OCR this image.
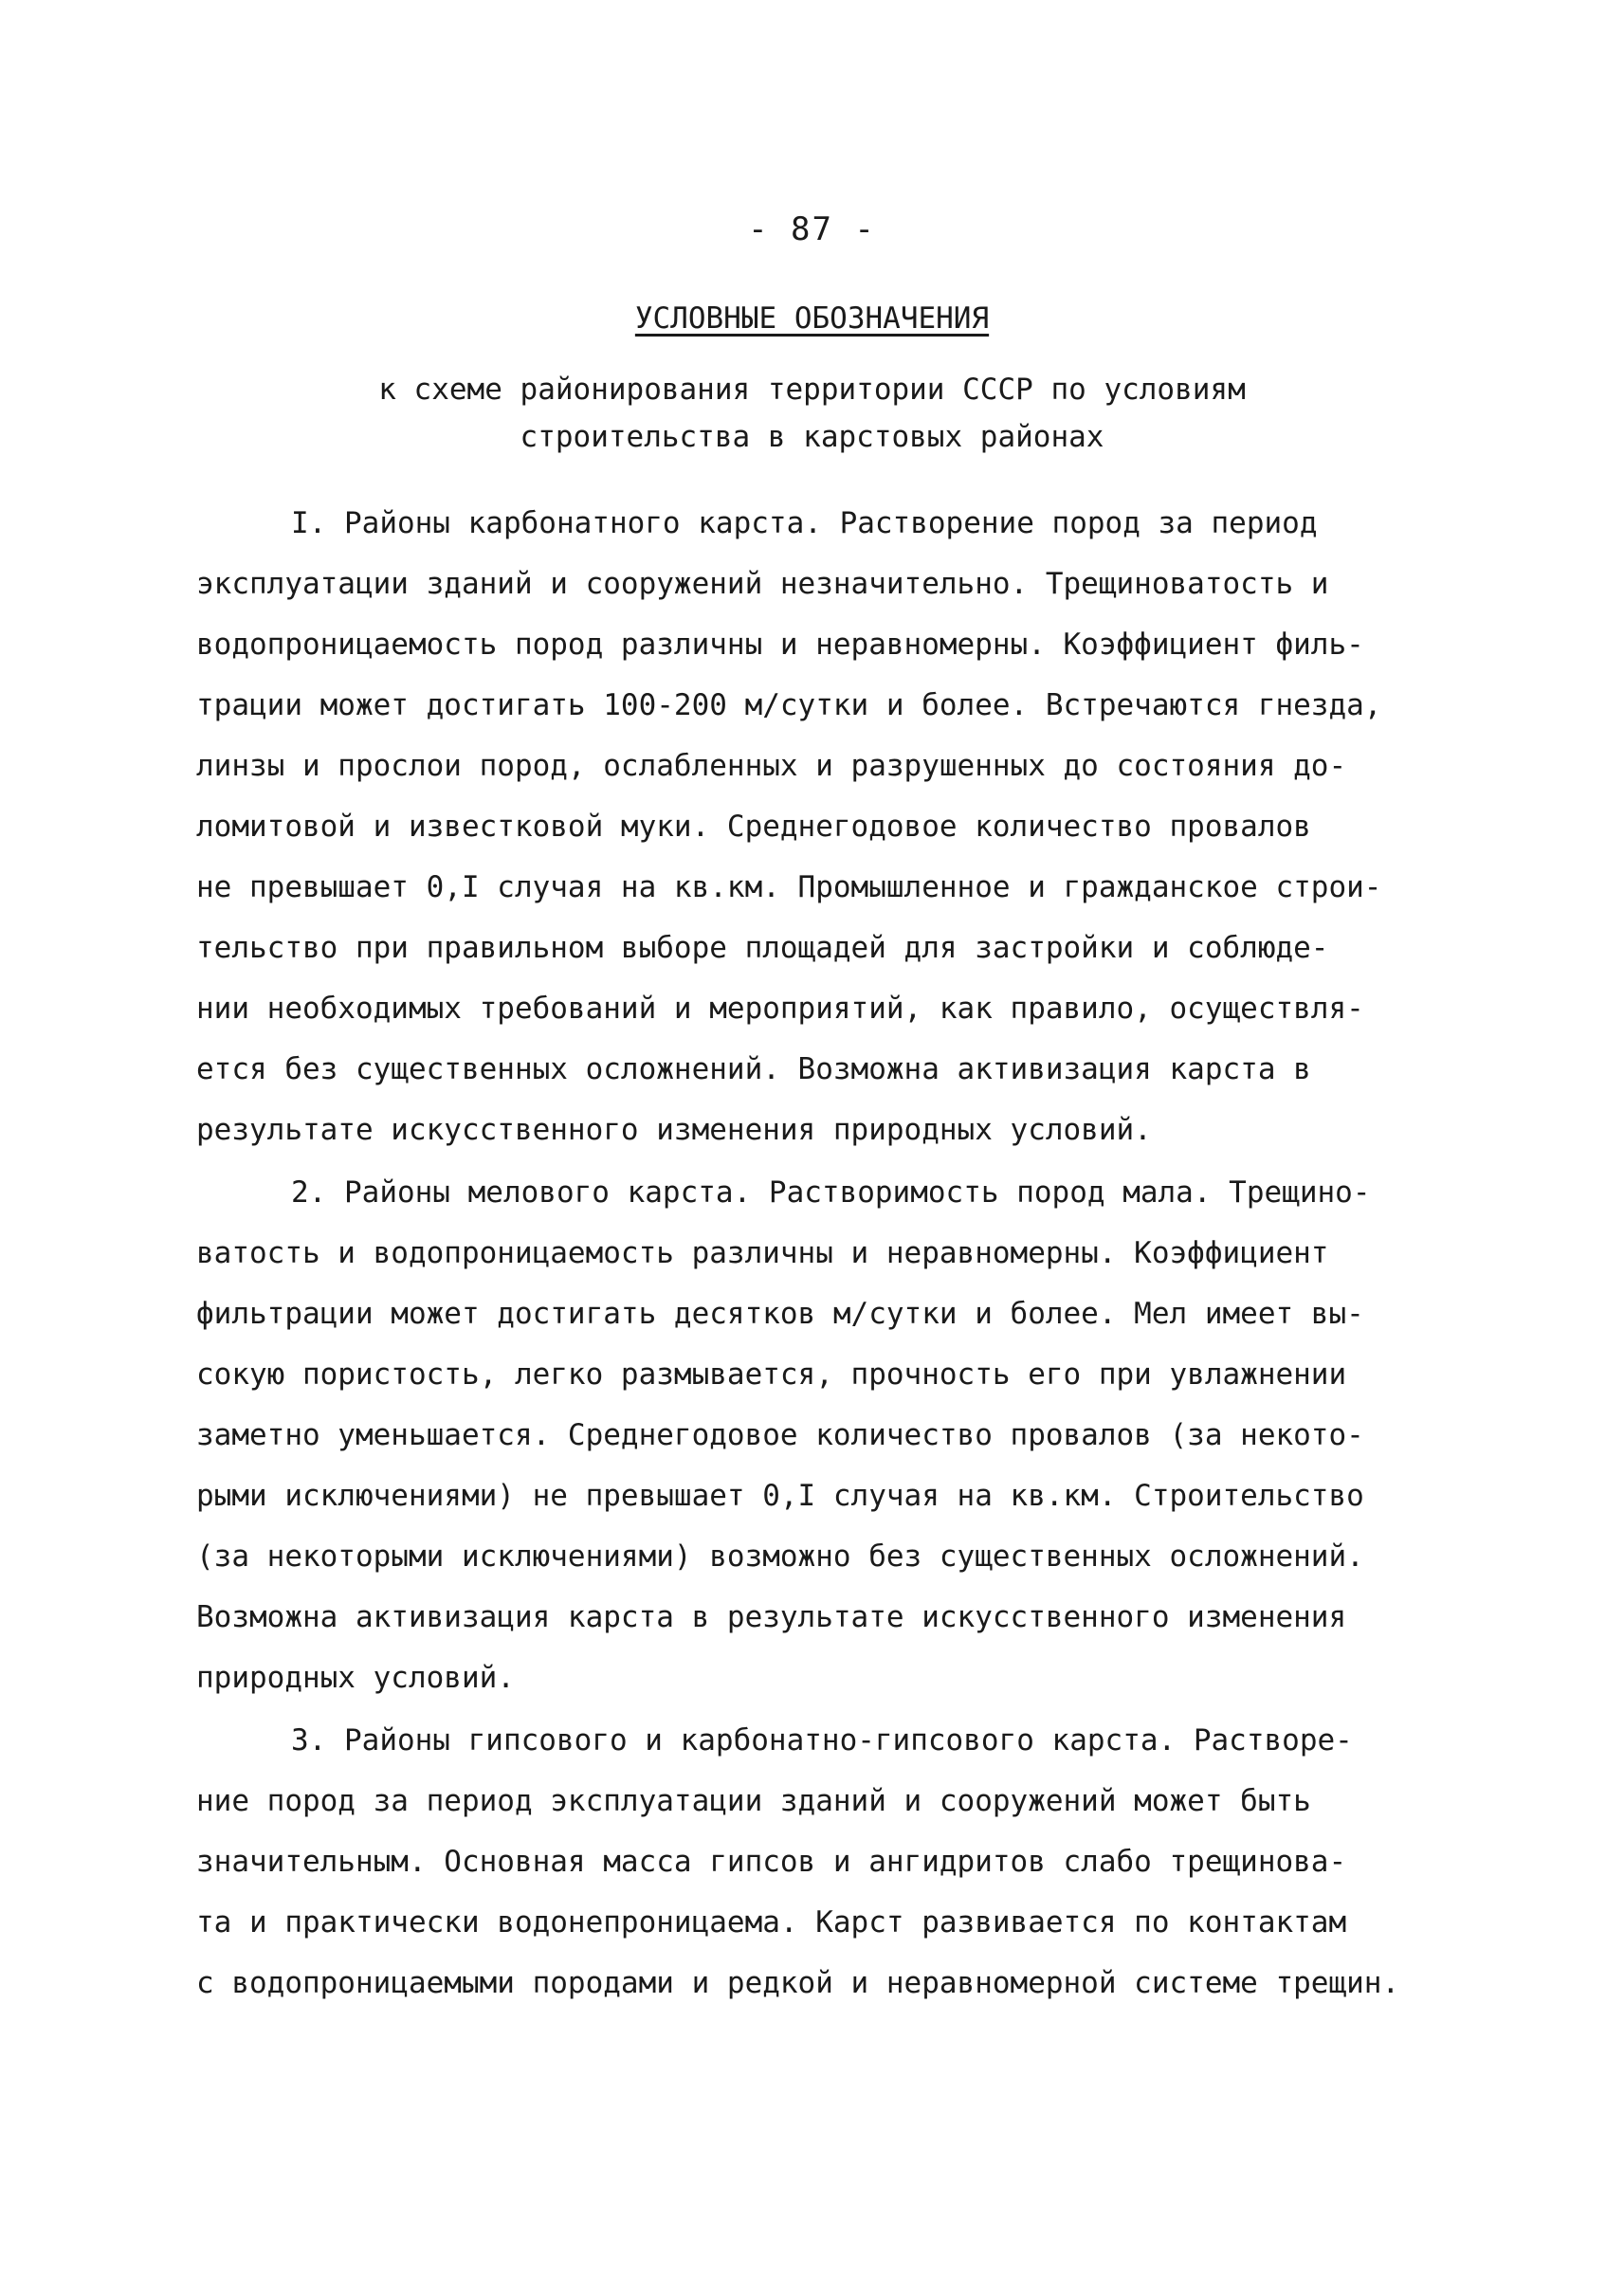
- 87 -
УСЛОВНЫЕ ОБОЗНАЧЕНИЯ
к схеме районирования территории СССР по условиям
строительства в карстовых районах
I. Районы карбонатного карста. Растворение пород за период
эксплуатации зданий и сооружений незначительно. Трещиноватость и
водопроницаемость пород различны и неравномерны. Коэффициент филь-
трации может достигать 100-200 м/сутки и более. Встречаются гнезда,
линзы и прослои пород, ослабленных и разрушенных до состояния до-
ломитовой и известковой муки. Среднегодовое количество провалов
не превышает 0,I случая на кв.км. Промышленное и гражданское строи-
тельство при правильном выборе площадей для застройки и соблюде-
нии необходимых требований и мероприятий, как правило, осуществля-
ется без существенных осложнений. Возможна активизация карста в
результате искусственного изменения природных условий.
2. Районы мелового карста. Растворимость пород мала. Трещино-
ватость и водопроницаемость различны и неравномерны. Коэффициент
фильтрации может достигать десятков м/сутки и более. Мел имеет вы-
сокую пористость, легко размывается, прочность его при увлажнении
заметно уменьшается. Среднегодовое количество провалов (за некото-
рыми исключениями) не превышает 0,I случая на кв.км. Строительство
(за некоторыми исключениями) возможно без существенных осложнений.
Возможна активизация карста в результате искусственного изменения
природных условий.
3. Районы гипсового и карбонатно-гипсового карста. Растворе-
ние пород за период эксплуатации зданий и сооружений может быть
значительным. Основная масса гипсов и ангидритов слабо трещинова-
та и практически водонепроницаема. Карст развивается по контактам
с водопроницаемыми породами и редкой и неравномерной системе трещин.
